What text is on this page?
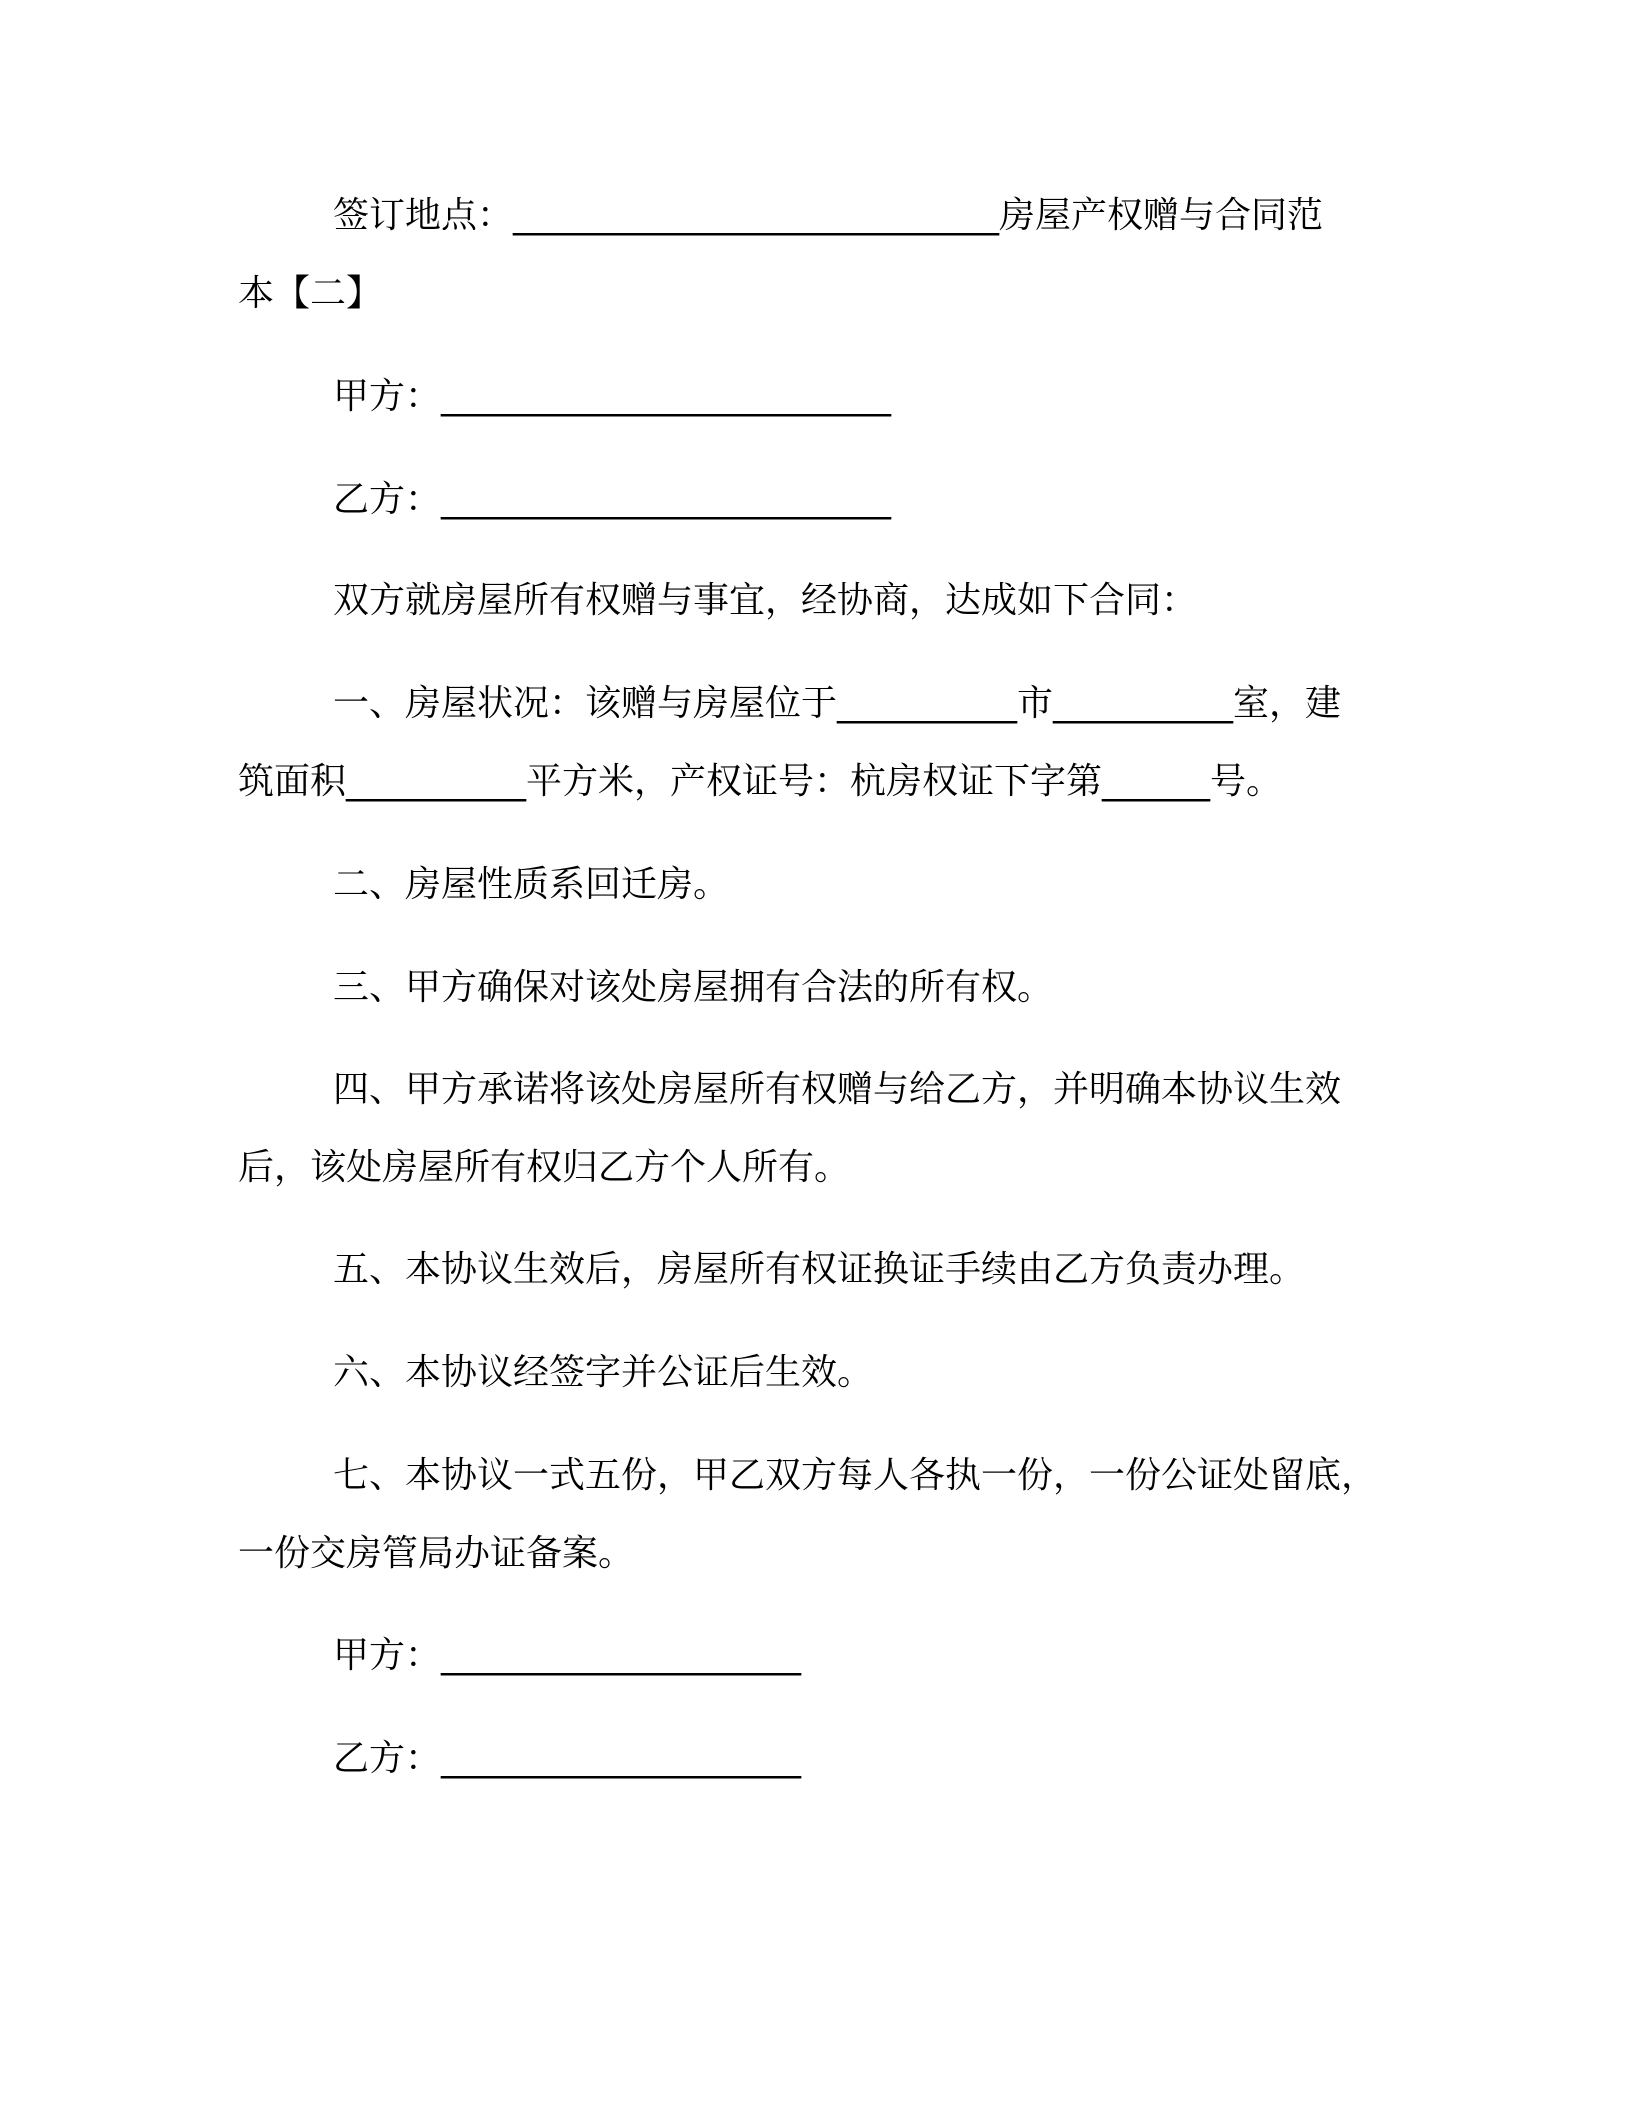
签订地点：___________________________房屋产权赠与合同范
本【二】
甲方：_________________________
乙方：_________________________
双方就房屋所有权赠与事宜，经协商，达成如下合同：
一、房屋状况：该赠与房屋位于__________市__________室，建
筑面积__________平方米，产权证号：杭房权证下字第______号。
二、房屋性质系回迁房。
三、甲方确保对该处房屋拥有合法的所有权。
四、甲方承诺将该处房屋所有权赠与给乙方，并明确本协议生效
后，该处房屋所有权归乙方个人所有。
五、本协议生效后，房屋所有权证换证手续由乙方负责办理。
六、本协议经签字并公证后生效。
七、本协议一式五份，甲乙双方每人各执一份，一份公证处留底，
一份交房管局办证备案。
甲方：____________________
乙方：____________________
